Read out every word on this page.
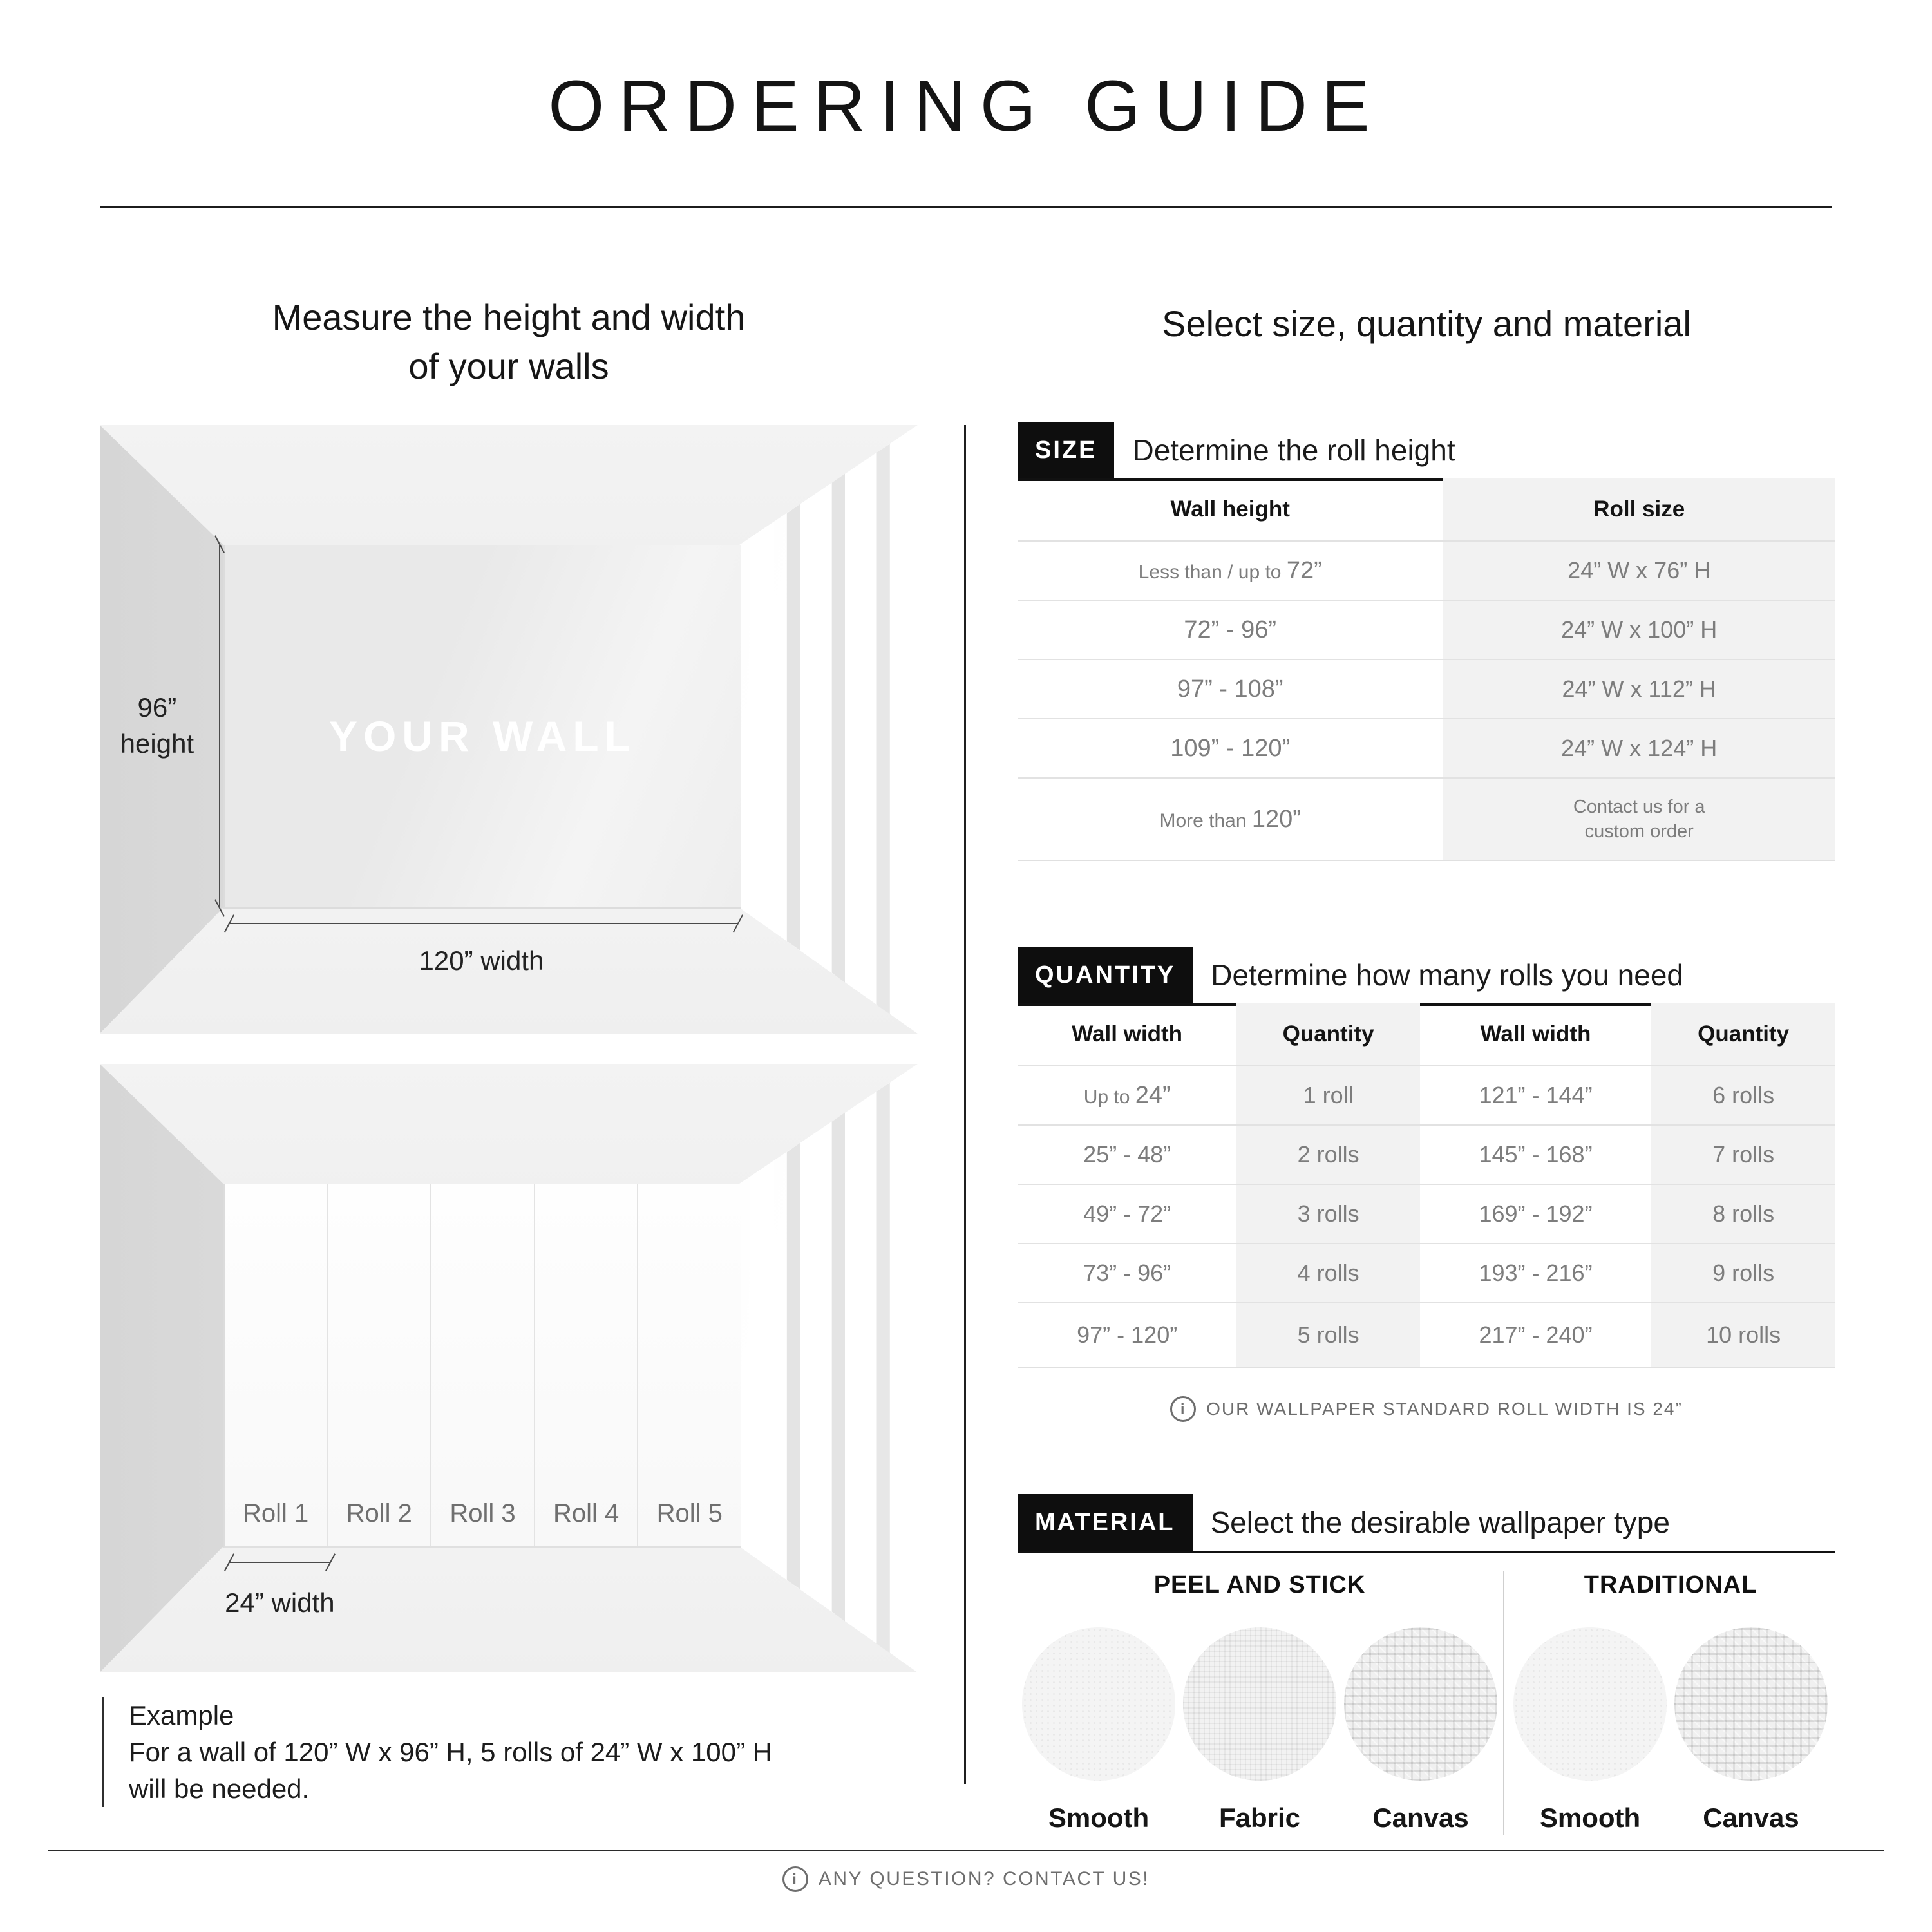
ORDERING GUIDE
Measure the height and width
of your walls
YOUR WALL
96”
height
120” width
Roll 1	Roll 2	Roll 3	Roll 4	Roll 5
24” width
Example
For a wall of 120” W x 96” H, 5 rolls of 24” W x 100” H
will be needed.
Select size, quantity and material
SIZE	Determine the roll height
Wall height	Roll size
Less than / up to 72”	24” W x 76” H
72” - 96”	24” W x 100” H
97” - 108”	24” W x 112” H
109” - 120”	24” W x 124” H
More than 120”	Contact us for a
custom order
QUANTITY	Determine how many rolls you need
Wall width	Quantity	Wall width	Quantity
Up to 24”	1 roll	121” - 144”	6 rolls
25” - 48”	2 rolls	145” - 168”	7 rolls
49” - 72”	3 rolls	169” - 192”	8 rolls
73” - 96”	4 rolls	193” - 216”	9 rolls
97” - 120”	5 rolls	217” - 240”	10 rolls
i	OUR WALLPAPER STANDARD ROLL WIDTH IS 24”
MATERIAL	Select the desirable wallpaper type
PEEL AND STICK
Smooth	Fabric	Canvas
TRADITIONAL
Smooth Canvas
i	ANY QUESTION? CONTACT US!
